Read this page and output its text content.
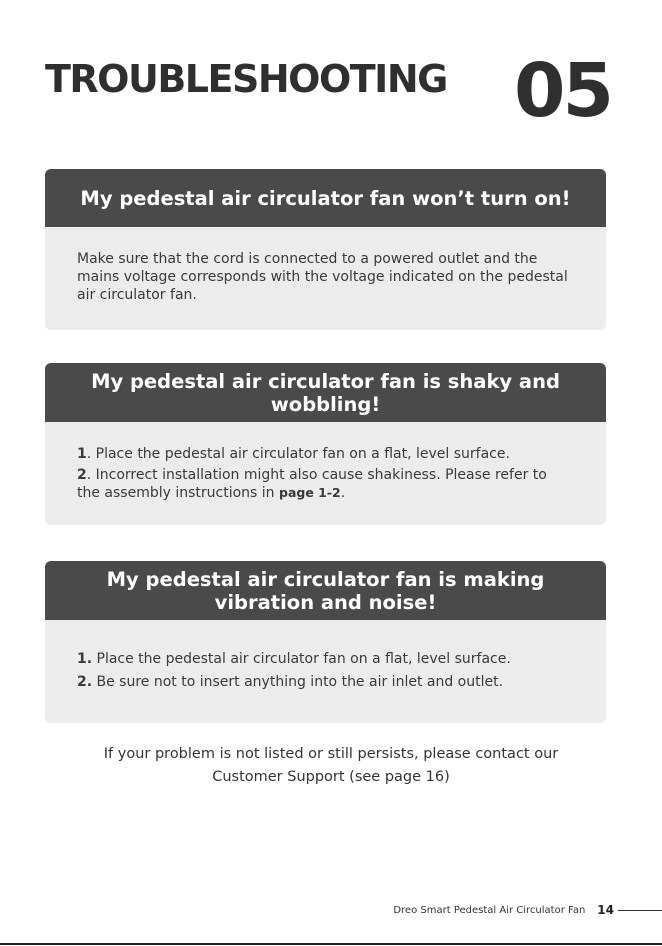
TROUBLESHOOTING 05
My pedestal air circulator fan won’t turn on!
Make sure that the cord is connected to a powered outlet and the mains voltage corresponds with the voltage indicated on the pedestal air circulator fan.
My pedestal air circulator fan is shaky and wobbling!
1. Place the pedestal air circulator fan on a flat, level surface.
2. Incorrect installation might also cause shakiness. Please refer to the assembly instructions in page 1-2.
My pedestal air circulator fan is making
vibration and noise!
1. Place the pedestal air circulator fan on a flat, level surface.
2. Be sure not to insert anything into the air inlet and outlet.
If your problem is not listed or still persists, please contact our
Customer Support (see page 16)
Dreo Smart Pedestal Air Circulator Fan 14
